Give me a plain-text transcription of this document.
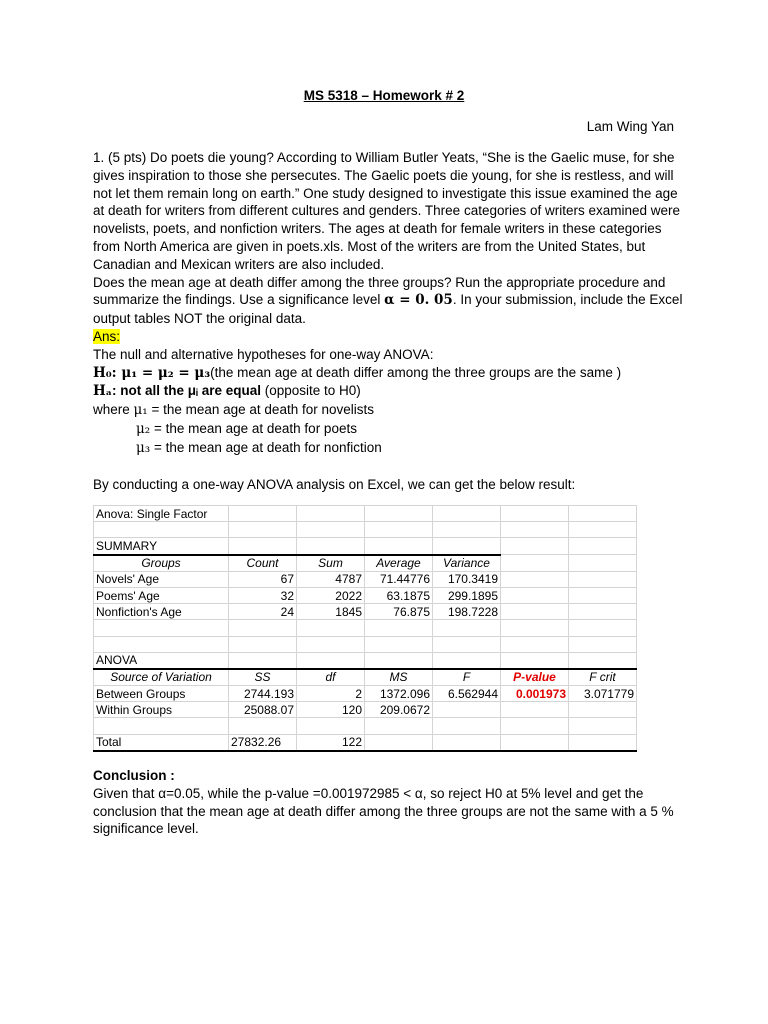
MS 5318 – Homework # 2
Lam Wing Yan

1. (5 pts) Do poets die young? According to William Butler Yeats, “She is the Gaelic muse, for she gives inspiration to those she persecutes. The Gaelic poets die young, for she is restless, and will not let them remain long on earth.” One study designed to investigate this issue examined the age at death for writers from different cultures and genders. Three categories of writers examined were novelists, poets, and nonfiction writers. The ages at death for female writers in these categories from North America are given in poets.xls. Most of the writers are from the United States, but Canadian and Mexican writers are also included.

Does the mean age at death differ among the three groups? Run the appropriate procedure and summarize the findings. Use a significance level α = 0. 05. In your submission, include the Excel output tables NOT the original data.

Ans:

The null and alternative hypotheses for one-way ANOVA:

H₀: μ₁ = μ₂ = μ₃(the mean age at death differ among the three groups are the same )

Hₐ: not all the μᵢ are equal (opposite to H0)

where μ₁ = the mean age at death for novelists

μ₂ = the mean age at death for poets

μ₃ = the mean age at death for nonfiction

By conducting a one-way ANOVA analysis on Excel, we can get the below result:

Anova: Single Factor						

SUMMARY						
Groups	Count	Sum	Average	Variance		
Novels' Age	67	4787	71.44776	170.3419		
Poems' Age	32	2022	63.1875	299.1895		
Nonfiction's Age	24	1845	76.875	198.7228		

ANOVA						
Source of Variation	SS	df	MS	F	P-value	F crit
Between Groups	2744.193	2	1372.096	6.562944	0.001973	3.071779
Within Groups	25088.07	120	209.0672			

Total	27832.26	122				

Conclusion :

Given that α=0.05, while the p-value =0.001972985 < α, so reject H0 at 5% level and get the conclusion that the mean age at death differ among the three groups are not the same with a 5 % significance level.
